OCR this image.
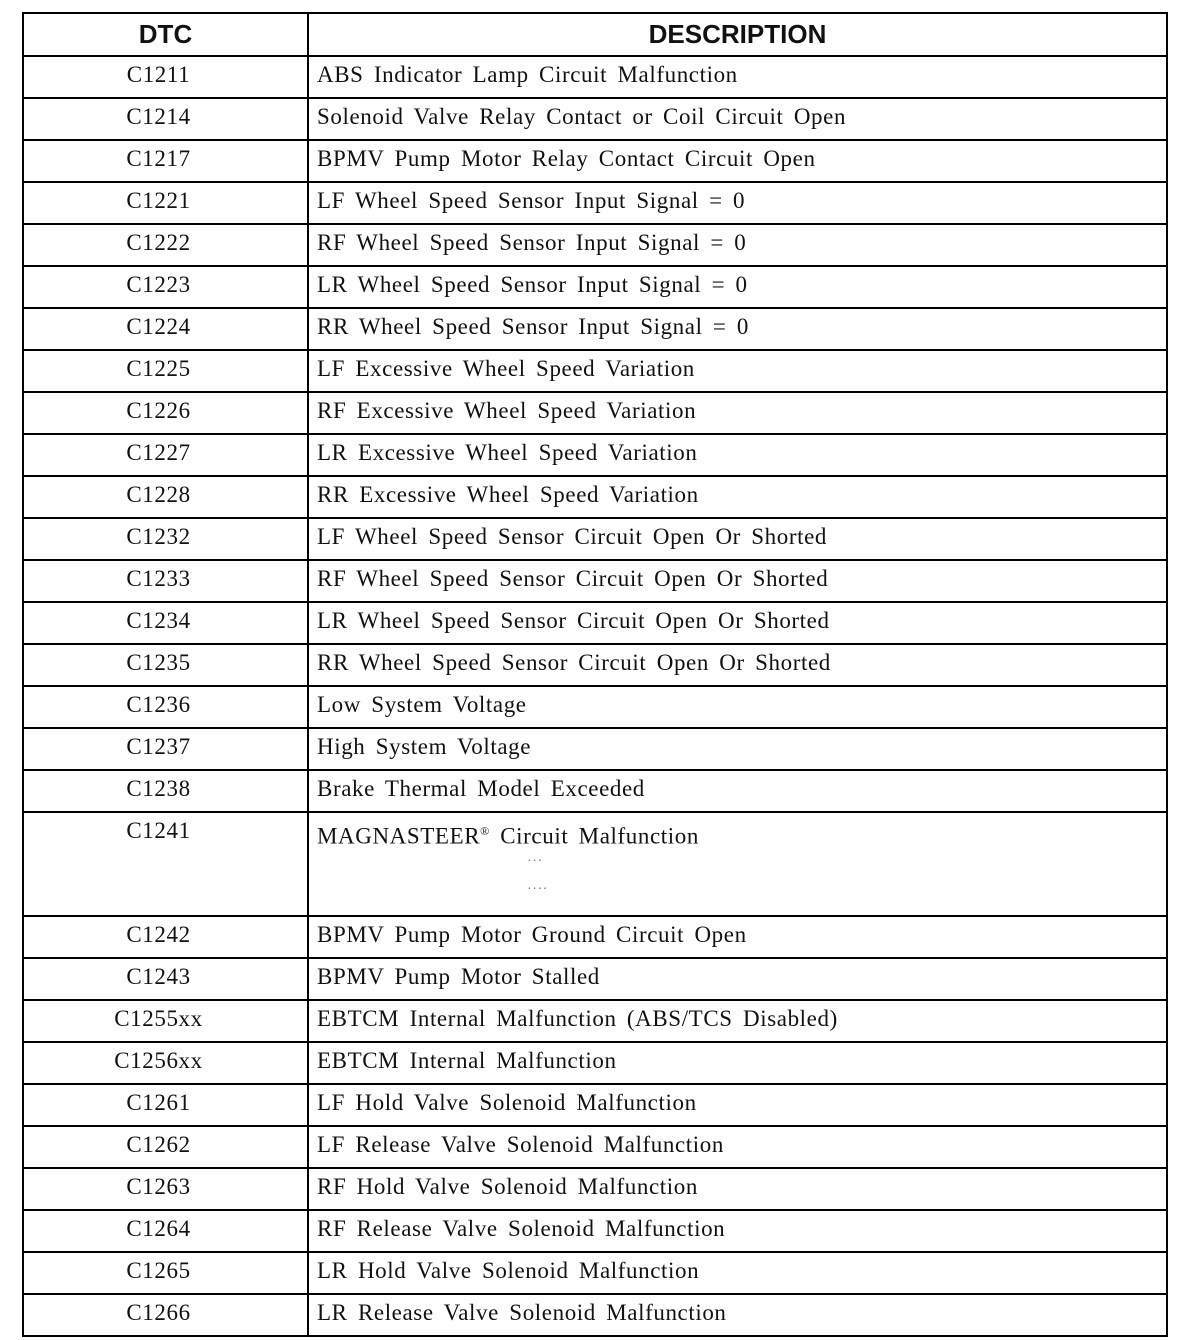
DTC	DESCRIPTION
C1211	ABS Indicator Lamp Circuit Malfunction
C1214	Solenoid Valve Relay Contact or Coil Circuit Open
C1217	BPMV Pump Motor Relay Contact Circuit Open
C1221	LF Wheel Speed Sensor Input Signal = 0
C1222	RF Wheel Speed Sensor Input Signal = 0
C1223	LR Wheel Speed Sensor Input Signal = 0
C1224	RR Wheel Speed Sensor Input Signal = 0
C1225	LF Excessive Wheel Speed Variation
C1226	RF Excessive Wheel Speed Variation
C1227	LR Excessive Wheel Speed Variation
C1228	RR Excessive Wheel Speed Variation
C1232	LF Wheel Speed Sensor Circuit Open Or Shorted
C1233	RF Wheel Speed Sensor Circuit Open Or Shorted
C1234	LR Wheel Speed Sensor Circuit Open Or Shorted
C1235	RR Wheel Speed Sensor Circuit Open Or Shorted
C1236	Low System Voltage
C1237	High System Voltage
C1238	Brake Thermal Model Exceeded
C1241	MAGNASTEER® Circuit Malfunction
···

····

C1242	BPMV Pump Motor Ground Circuit Open
C1243	BPMV Pump Motor Stalled
C1255xx	EBTCM Internal Malfunction (ABS/TCS Disabled)
C1256xx	EBTCM Internal Malfunction
C1261	LF Hold Valve Solenoid Malfunction
C1262	LF Release Valve Solenoid Malfunction
C1263	RF Hold Valve Solenoid Malfunction
C1264	RF Release Valve Solenoid Malfunction
C1265	LR Hold Valve Solenoid Malfunction
C1266	LR Release Valve Solenoid Malfunction
